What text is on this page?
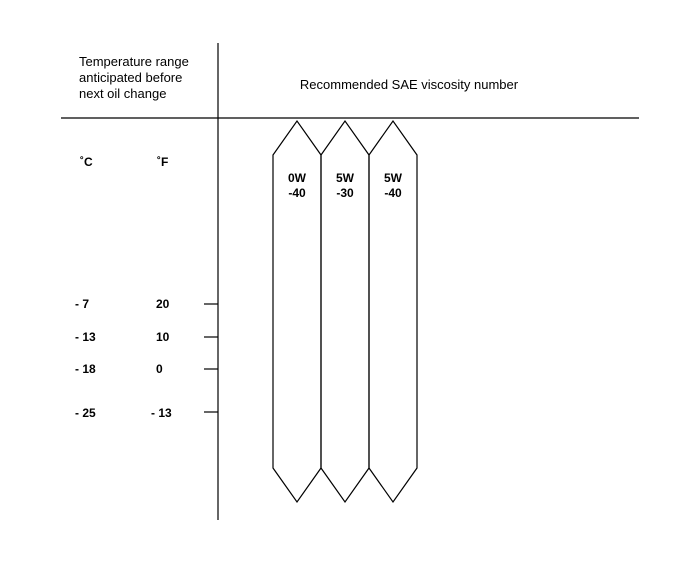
Temperature range
anticipated before
next oil change
Recommended SAE viscosity number
˚C	˚F
- 7	20
- 13	10
- 18	0
- 25	- 13
0W
-40
5W
-30
5W
-40
